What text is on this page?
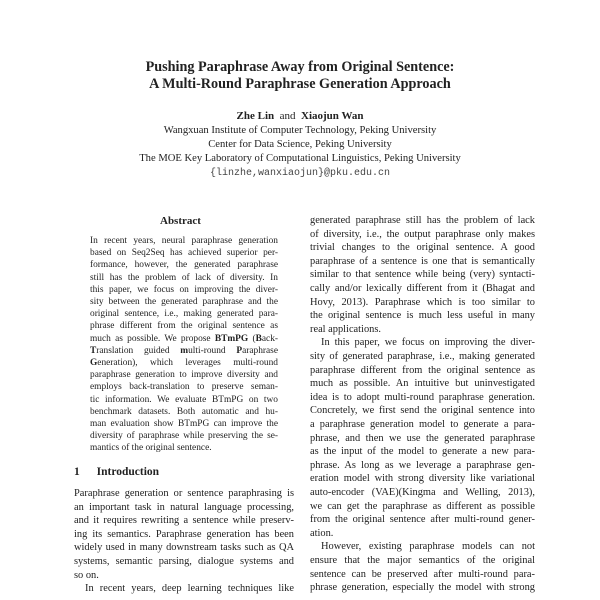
Pushing Paraphrase Away from Original Sentence:
A Multi-Round Paraphrase Generation Approach
Zhe Lin and Xiaojun Wan
Wangxuan Institute of Computer Technology, Peking University
Center for Data Science, Peking University
The MOE Key Laboratory of Computational Linguistics, Peking University
{linzhe,wanxiaojun}@pku.edu.cn
Abstract
In recent years, neural paraphrase generation
based on Seq2Seq has achieved superior per-
formance, however, the generated paraphrase
still has the problem of lack of diversity. In
this paper, we focus on improving the diver-
sity between the generated paraphrase and the
original sentence, i.e., making generated para-
phrase different from the original sentence as
much as possible. We propose BTmPG (Back-
Translation guided multi-round Paraphrase
Generation), which leverages multi-round
paraphrase generation to improve diversity and
employs back-translation to preserve seman-
tic information. We evaluate BTmPG on two
benchmark datasets. Both automatic and hu-
man evaluation show BTmPG can improve the
diversity of paraphrase while preserving the se-
mantics of the original sentence.
1 Introduction
Paraphrase generation or sentence paraphrasing is
an important task in natural language processing,
and it requires rewriting a sentence while preserv-
ing its semantics. Paraphrase generation has been
widely used in many downstream tasks such as QA
systems, semantic parsing, dialogue systems and
so on.
In recent years, deep learning techniques like
generated paraphrase still has the problem of lack
of diversity, i.e., the output paraphrase only makes
trivial changes to the original sentence. A good
paraphrase of a sentence is one that is semantically
similar to that sentence while being (very) syntacti-
cally and/or lexically different from it (Bhagat and
Hovy, 2013). Paraphrase which is too similar to
the original sentence is much less useful in many
real applications.
In this paper, we focus on improving the diver-
sity of generated paraphrase, i.e., making generated
paraphrase different from the original sentence as
much as possible. An intuitive but uninvestigated
idea is to adopt multi-round paraphrase generation.
Concretely, we first send the original sentence into
a paraphrase generation model to generate a para-
phrase, and then we use the generated paraphrase
as the input of the model to generate a new para-
phrase. As long as we leverage a paraphrase gen-
eration model with strong diversity like variational
auto-encoder (VAE)(Kingma and Welling, 2013),
we can get the paraphrase as different as possible
from the original sentence after multi-round gener-
ation.
However, existing paraphrase models can not
ensure that the major semantics of the original
sentence can be preserved after multi-round para-
phrase generation, especially the model with strong
